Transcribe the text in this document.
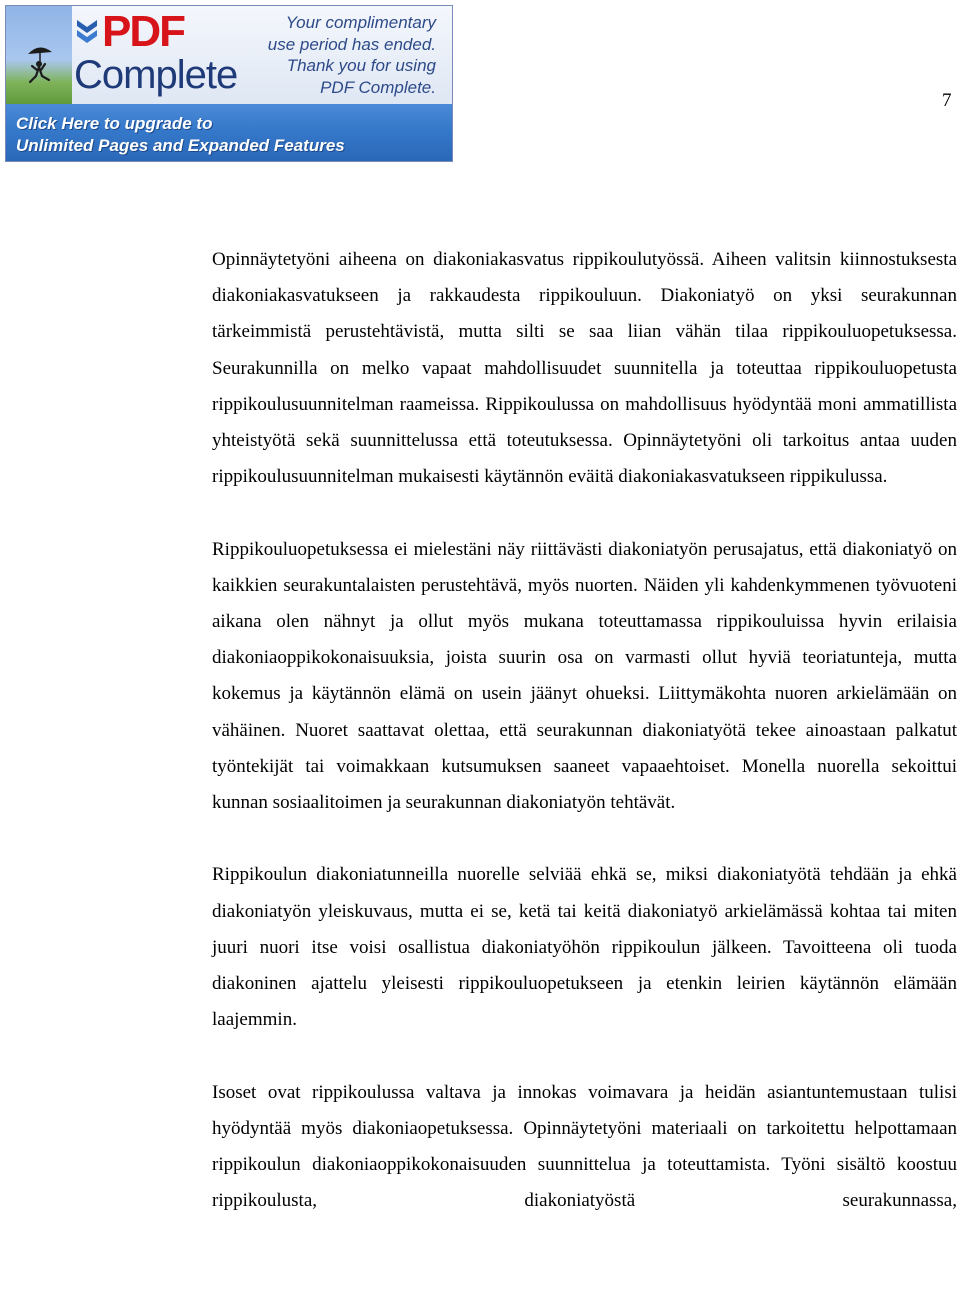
PDF
Complete
Your complimentary
use period has ended.
Thank you for using
PDF Complete.
Click Here to upgrade to
Unlimited Pages and Expanded Features
7

Opinnäytetyöni aiheena on diakoniakasvatus rippikoulutyössä. Aiheen valitsin kiinnostuksesta diakoniakasvatukseen ja rakkaudesta rippikouluun. Diakoniatyö on yksi seurakunnan tärkeimmistä perustehtävistä, mutta silti se saa liian vähän tilaa rippikouluopetuksessa. Seurakunnilla on melko vapaat mahdollisuudet suunnitella ja toteuttaa rippikouluopetusta rippikoulusuunnitelman raameissa. Rippikoulussa on mahdollisuus hyödyntää moni ammatillista yhteistyötä sekä suunnittelussa että toteutuksessa. Opinnäytetyöni oli tarkoitus antaa uuden rippikoulusuunnitelman mukaisesti käytännön eväitä diakoniakasvatukseen rippikulussa.

Rippikouluopetuksessa ei mielestäni näy riittävästi diakoniatyön perusajatus, että diakoniatyö on kaikkien seurakuntalaisten perustehtävä, myös nuorten. Näiden yli kahdenkymmenen työvuoteni aikana olen nähnyt ja ollut myös mukana toteuttamassa rippikouluissa hyvin erilaisia diakoniaoppikokonaisuuksia, joista suurin osa on varmasti ollut hyviä teoriatunteja, mutta kokemus ja käytännön elämä on usein jäänyt ohueksi. Liittymäkohta nuoren arkielämään on vähäinen. Nuoret saattavat olettaa, että seurakunnan diakoniatyötä tekee ainoastaan palkatut työntekijät tai voimakkaan kutsumuksen saaneet vapaaehtoiset. Monella nuorella sekoittui kunnan sosiaalitoimen ja seurakunnan diakoniatyön tehtävät.

Rippikoulun diakoniatunneilla nuorelle selviää ehkä se, miksi diakoniatyötä tehdään ja ehkä diakoniatyön yleiskuvaus, mutta ei se, ketä tai keitä diakoniatyö arkielämässä kohtaa tai miten juuri nuori itse voisi osallistua diakoniatyöhön rippikoulun jälkeen. Tavoitteena oli tuoda diakoninen ajattelu yleisesti rippikouluopetukseen ja etenkin leirien käytännön elämään laajemmin.

Isoset ovat rippikoulussa valtava ja innokas voimavara ja heidän asiantuntemustaan tulisi hyödyntää myös diakoniaopetuksessa. Opinnäytetyöni materiaali on tarkoitettu helpottamaan rippikoulun diakoniaoppikokonaisuuden suunnittelua ja toteuttamista. Työni sisältö koostuu rippikoulusta, diakoniatyöstä seurakunnassa,
